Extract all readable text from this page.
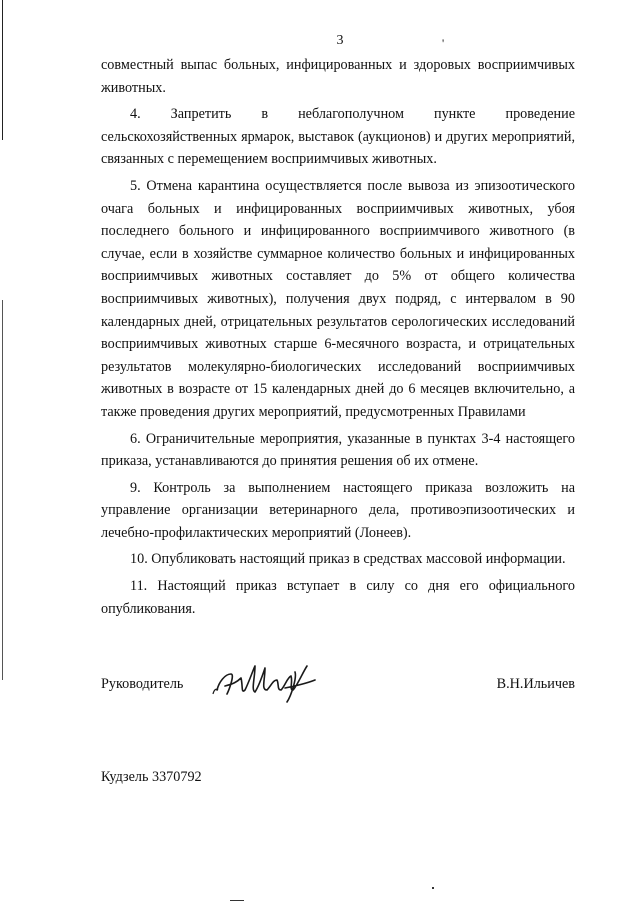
3	'

совместный выпас больных, инфицированных и здоровых восприимчивых животных.

4. Запретить в неблагополучном пункте проведение сельскохозяйственных ярмарок, выставок (аукционов) и других мероприятий, связанных с перемещением восприимчивых животных.

5. Отмена карантина осуществляется после вывоза из эпизоотического очага больных и инфицированных восприимчивых животных, убоя последнего больного и инфицированного восприимчивого животного (в случае, если в хозяйстве суммарное количество больных и инфицированных восприимчивых животных составляет до 5% от общего количества восприимчивых животных), получения двух подряд, с интервалом в 90 календарных дней, отрицательных результатов серологических исследований восприимчивых животных старше 6-месячного возраста, и отрицательных результатов молекулярно-биологических исследований восприимчивых животных в возрасте от 15 календарных дней до 6 месяцев включительно, а также проведения других мероприятий, предусмотренных Правилами

6. Ограничительные мероприятия, указанные в пунктах 3-4 настоящего приказа, устанавливаются до принятия решения об их отмене.

9. Контроль за выполнением настоящего приказа возложить на управление организации ветеринарного дела, противоэпизоотических и лечебно-профилактических мероприятий (Лонеев).

10. Опубликовать настоящий приказ в средствах массовой информации.

11. Настоящий приказ вступает в силу со дня его официального опубликования.

Руководитель	В.Н.Ильичев
Кудзель 3370792
